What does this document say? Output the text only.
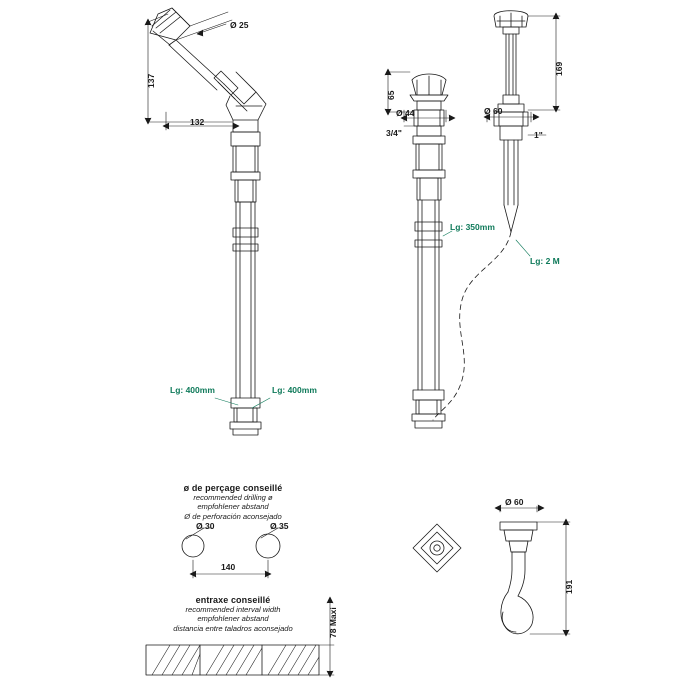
Ø 25
137
132
Lg: 400mm	Lg: 400mm
65
Ø 44
3/4"
Ø 60
1"
169
Lg: 350mm
Lg: 2 M
ø de perçage conseillé
recommended drilling ø
empfohlener abstand
Ø de perforación aconsejado
Ø 30	Ø 35
140
entraxe conseillé
recommended interval width
empfohlener abstand
distancia entre taladros aconsejado	78 Maxi
Ø 60
191
